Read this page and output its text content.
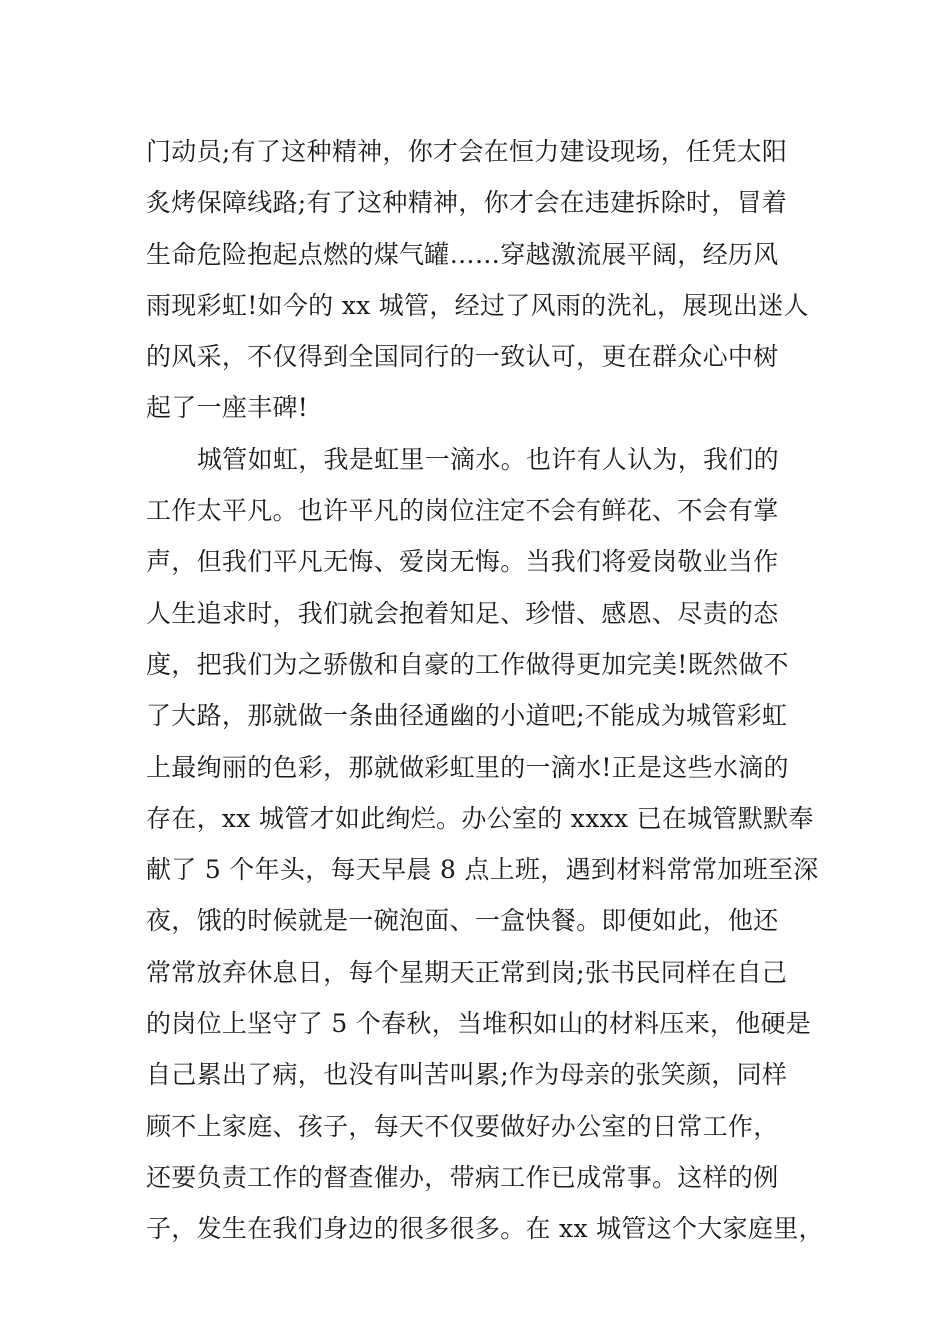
门动员;有了这种精神，你才会在恒力建设现场，任凭太阳
炙烤保障线路;有了这种精神，你才会在违建拆除时，冒着
生命危险抱起点燃的煤气罐……穿越激流展平阔，经历风
雨现彩虹!如今的 xx 城管，经过了风雨的洗礼，展现出迷人
的风采，不仅得到全国同行的一致认可，更在群众心中树
起了一座丰碑!
城管如虹，我是虹里一滴水。也许有人认为，我们的
工作太平凡。也许平凡的岗位注定不会有鲜花、不会有掌
声，但我们平凡无悔、爱岗无悔。当我们将爱岗敬业当作
人生追求时，我们就会抱着知足、珍惜、感恩、尽责的态
度，把我们为之骄傲和自豪的工作做得更加完美!既然做不
了大路，那就做一条曲径通幽的小道吧;不能成为城管彩虹
上最绚丽的色彩，那就做彩虹里的一滴水!正是这些水滴的
存在，xx 城管才如此绚烂。办公室的 xxxx 已在城管默默奉
献了 5 个年头，每天早晨 8 点上班，遇到材料常常加班至深
夜，饿的时候就是一碗泡面、一盒快餐。即便如此，他还
常常放弃休息日，每个星期天正常到岗;张书民同样在自己
的岗位上坚守了 5 个春秋，当堆积如山的材料压来，他硬是
自己累出了病，也没有叫苦叫累;作为母亲的张笑颜，同样
顾不上家庭、孩子，每天不仅要做好办公室的日常工作，
还要负责工作的督查催办，带病工作已成常事。这样的例
子，发生在我们身边的很多很多。在 xx 城管这个大家庭里，
